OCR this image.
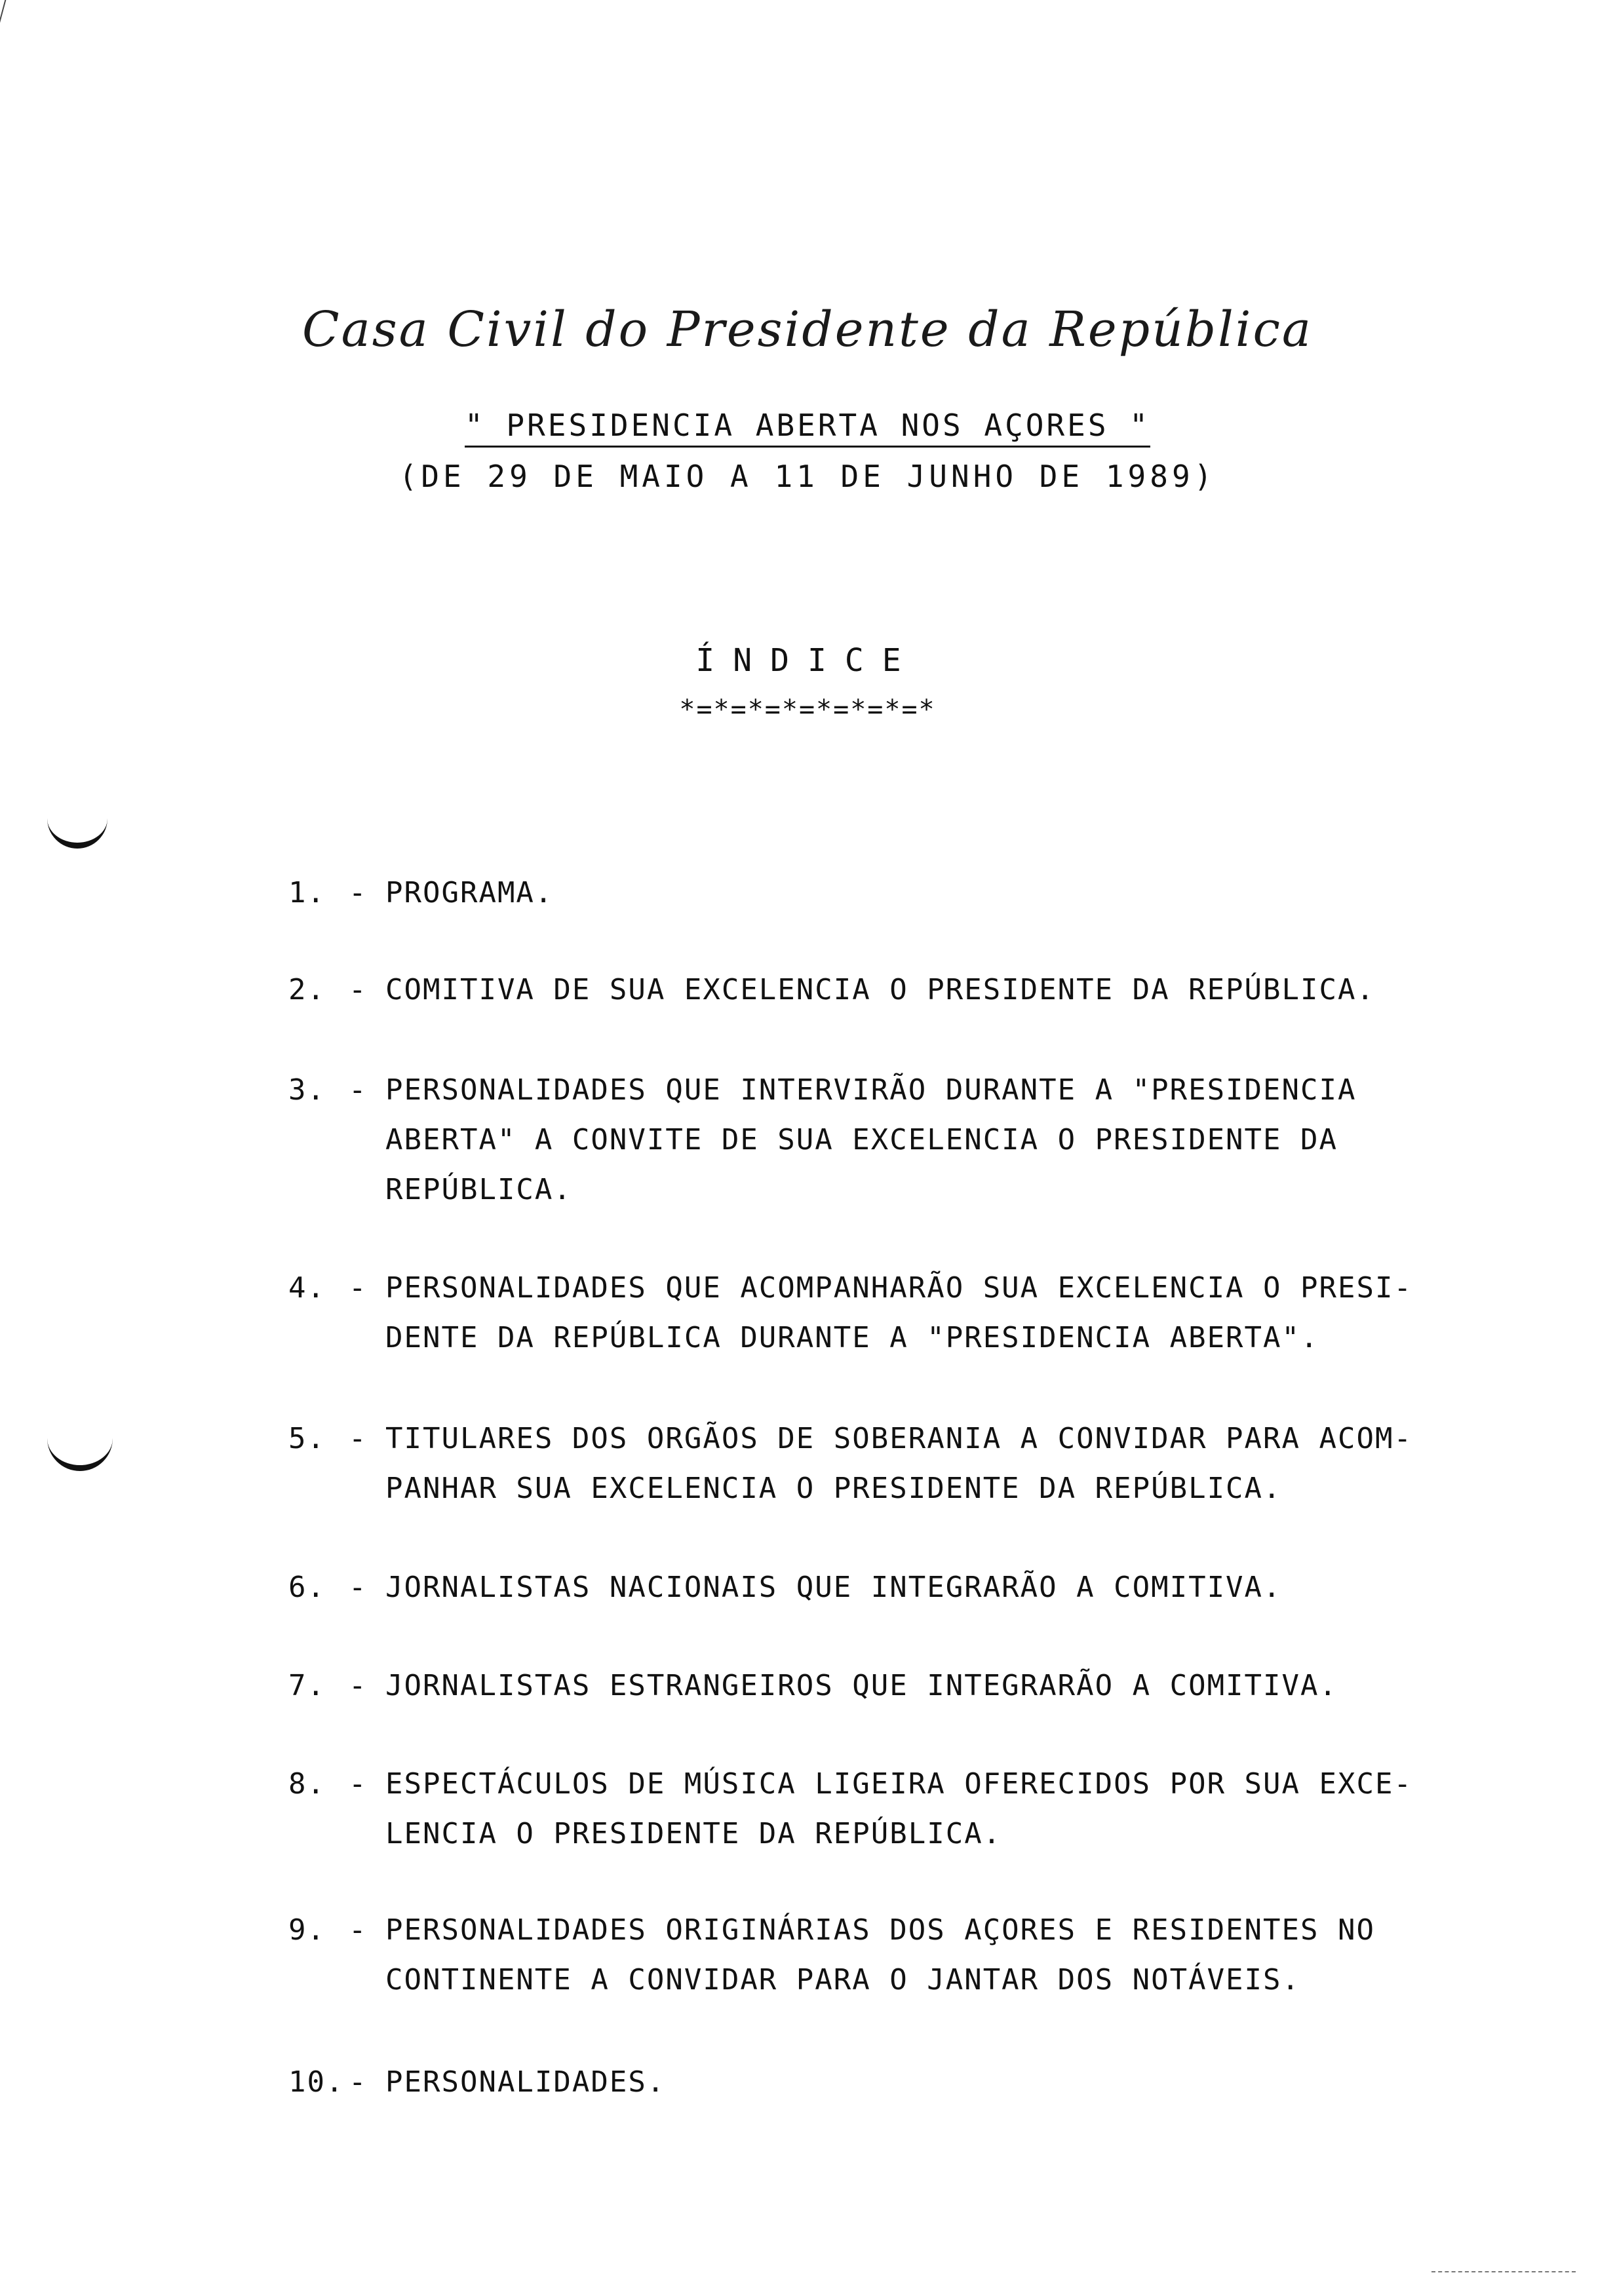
Casa Civil do Presidente da República
" PRESIDENCIA ABERTA NOS AÇORES "
(DE 29 DE MAIO A 11 DE JUNHO DE 1989)
ÍNDICE
*=*=*=*=*=*=*=*
1. - PROGRAMA.
2. - COMITIVA DE SUA EXCELENCIA O PRESIDENTE DA REPÚBLICA.
3. - PERSONALIDADES QUE INTERVIRÃO DURANTE A "PRESIDENCIA
ABERTA" A CONVITE DE SUA EXCELENCIA O PRESIDENTE DA
REPÚBLICA.
4. - PERSONALIDADES QUE ACOMPANHARÃO SUA EXCELENCIA O PRESI-
DENTE DA REPÚBLICA DURANTE A "PRESIDENCIA ABERTA".
5. - TITULARES DOS ORGÃOS DE SOBERANIA A CONVIDAR PARA ACOM-
PANHAR SUA EXCELENCIA O PRESIDENTE DA REPÚBLICA.
6. - JORNALISTAS NACIONAIS QUE INTEGRARÃO A COMITIVA.
7. - JORNALISTAS ESTRANGEIROS QUE INTEGRARÃO A COMITIVA.
8. - ESPECTÁCULOS DE MÚSICA LIGEIRA OFERECIDOS POR SUA EXCE-
LENCIA O PRESIDENTE DA REPÚBLICA.
9. - PERSONALIDADES ORIGINÁRIAS DOS AÇORES E RESIDENTES NO
CONTINENTE A CONVIDAR PARA O JANTAR DOS NOTÁVEIS.
10. - PERSONALIDADES.
